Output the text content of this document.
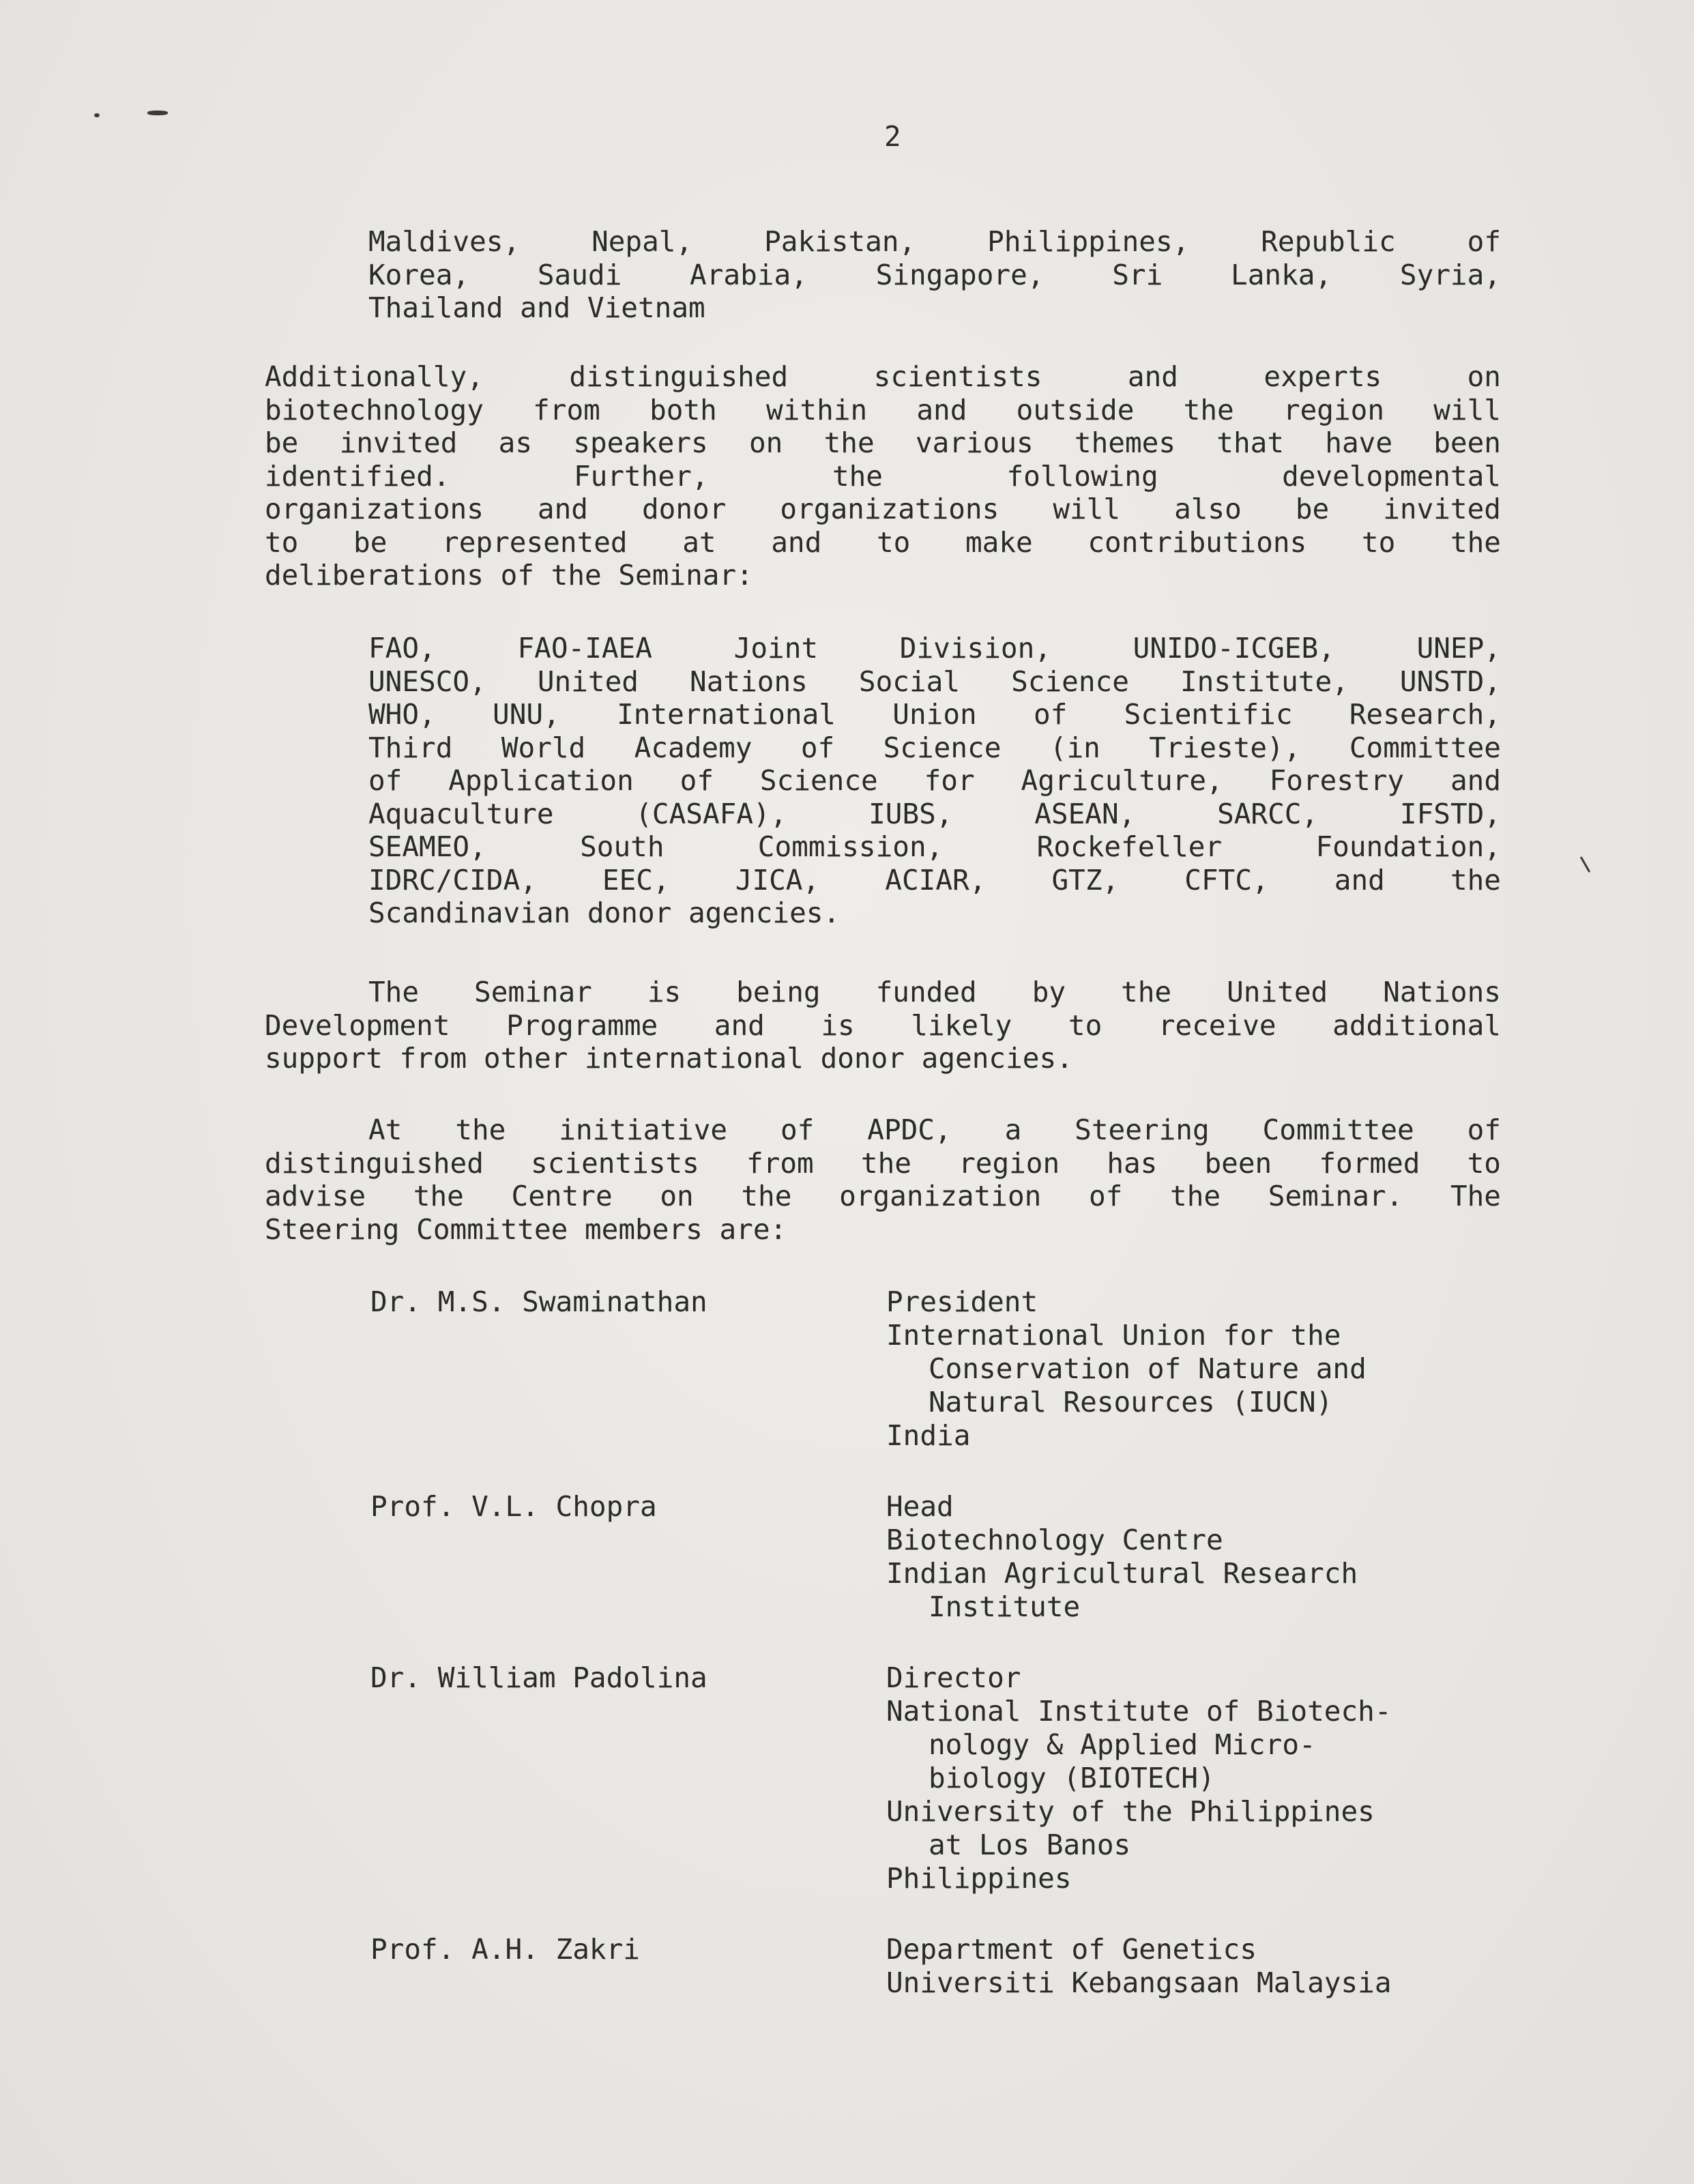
2
Maldives, Nepal, Pakistan, Philippines, Republic of
Korea, Saudi Arabia, Singapore, Sri Lanka, Syria,
Thailand and Vietnam
Additionally, distinguished scientists and experts on
biotechnology from both within and outside the region will
be invited as speakers on the various themes that have been
identified. Further, the following developmental
organizations and donor organizations will also be invited
to be represented at and to make contributions to the
deliberations of the Seminar:
FAO, FAO-IAEA Joint Division, UNIDO-ICGEB, UNEP,
UNESCO, United Nations Social Science Institute, UNSTD,
WHO, UNU, International Union of Scientific Research,
Third World Academy of Science (in Trieste), Committee
of Application of Science for Agriculture, Forestry and
Aquaculture (CASAFA), IUBS, ASEAN, SARCC, IFSTD,
SEAMEO, South Commission, Rockefeller Foundation,
IDRC/CIDA, EEC, JICA, ACIAR, GTZ, CFTC, and the
Scandinavian donor agencies.
The Seminar is being funded by the United Nations
Development Programme and is likely to receive additional
support from other international donor agencies.
At the initiative of APDC, a Steering Committee of
distinguished scientists from the region has been formed to
advise the Centre on the organization of the Seminar. The
Steering Committee members are:
Dr. M.S. Swaminathan	President
International Union for the
Conservation of Nature and
Natural Resources (IUCN)
India
Prof. V.L. Chopra	Head
Biotechnology Centre
Indian Agricultural Research
Institute
Dr. William Padolina	Director
National Institute of Biotech-
nology & Applied Micro-
biology (BIOTECH)
University of the Philippines
at Los Banos
Philippines
Prof. A.H. Zakri	Department of Genetics
Universiti Kebangsaan Malaysia
